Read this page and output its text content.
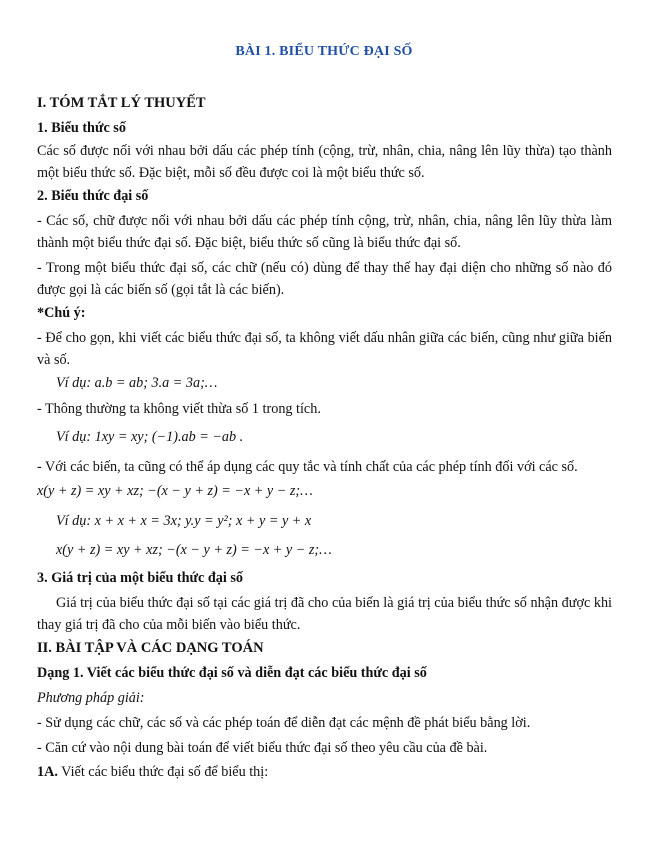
BÀI 1. BIỂU THỨC ĐẠI SỐ
I. TÓM TẮT LÝ THUYẾT
1. Biểu thức số
Các số được nối với nhau bởi dấu các phép tính (cộng, trừ, nhân, chia, nâng lên lũy thừa) tạo thành
một biểu thức số. Đặc biệt, mỗi số đều được coi là một biểu thức số.
2. Biểu thức đại số
- Các số, chữ được nối với nhau bởi dấu các phép tính cộng, trừ, nhân, chia, nâng lên lũy thừa làm
thành một biểu thức đại số. Đặc biệt, biểu thức số cũng là biểu thức đại số.
- Trong một biểu thức đại số, các chữ (nếu có) dùng để thay thế hay đại diện cho những số nào đó
được gọi là các biến số (gọi tắt là các biến).
*Chú ý:
- Để cho gọn, khi viết các biểu thức đại số, ta không viết dấu nhân giữa các biến, cũng như giữa biến
và số.
Ví dụ: a.b = ab; 3.a = 3a;…
- Thông thường ta không viết thừa số 1 trong tích.
Ví dụ: 1xy = xy; (−1).ab = −ab .
- Với các biến, ta cũng có thể áp dụng các quy tắc và tính chất của các phép tính đối với các số.
x(y + z) = xy + xz; −(x − y + z) = −x + y − z;…
Ví dụ: x + x + x = 3x; y.y = y²; x + y = y + x
x(y + z) = xy + xz; −(x − y + z) = −x + y − z;…
3. Giá trị của một biểu thức đại số
Giá trị của biểu thức đại số tại các giá trị đã cho của biến là giá trị của biểu thức số nhận được khi
thay giá trị đã cho của mỗi biến vào biểu thức.
II. BÀI TẬP VÀ CÁC DẠNG TOÁN
Dạng 1. Viết các biểu thức đại số và diễn đạt các biểu thức đại số
Phương pháp giải:
- Sử dụng các chữ, các số và các phép toán để diễn đạt các mệnh đề phát biểu bằng lời.
- Căn cứ vào nội dung bài toán để viết biểu thức đại số theo yêu cầu của đề bài.
1A. Viết các biểu thức đại số để biểu thị:
